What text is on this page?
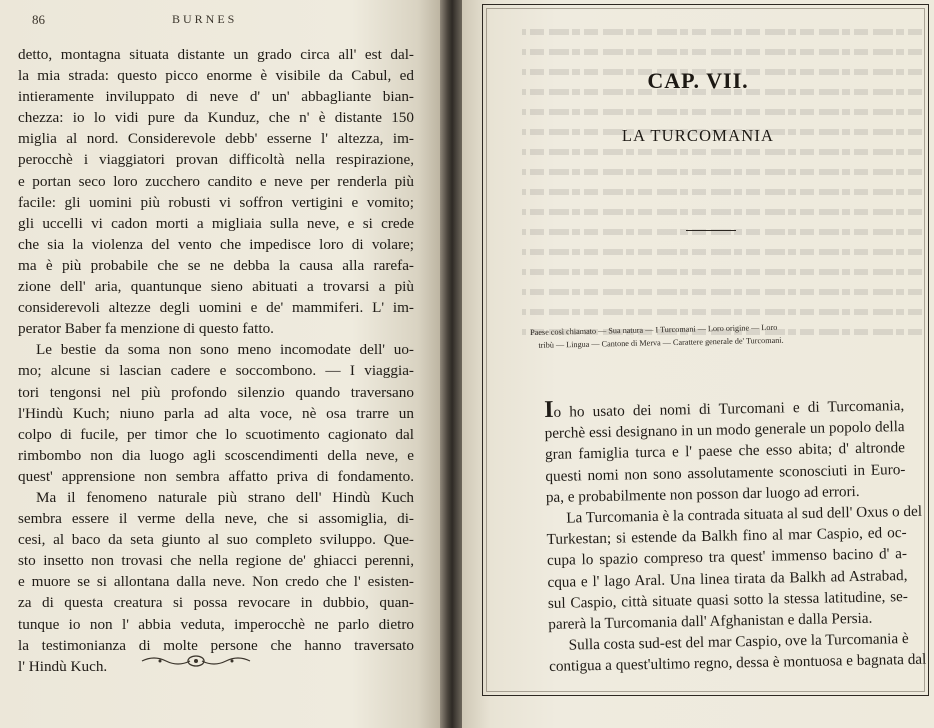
86	BURNES
detto, montagna situata distante un grado circa all' est dal-
la mia strada: questo picco enorme è visibile da Cabul, ed
intieramente inviluppato di neve d' un' abbagliante bian-
chezza: io lo vidi pure da Kunduz, che n' è distante 150
miglia al nord. Considerevole debb' esserne l' altezza, im-
perocchè i viaggiatori provan difficoltà nella respirazione,
e portan seco loro zucchero candito e neve per renderla più
facile: gli uomini più robusti vi soffron vertigini e vomito;
gli uccelli vi cadon morti a migliaia sulla neve, e si crede
che sia la violenza del vento che impedisce loro di volare;
ma è più probabile che se ne debba la causa alla rarefa-
zione dell' aria, quantunque sieno abituati a trovarsi a più
considerevoli altezze degli uomini e de' mammiferi. L' im-
perator Baber fa menzione di questo fatto.
Le bestie da soma non sono meno incomodate dell' uo-
mo; alcune si lascian cadere e soccombono. — I viaggia-
tori tengonsi nel più profondo silenzio quando traversano
l'Hindù Kuch; niuno parla ad alta voce, nè osa trarre un
colpo di fucile, per timor che lo scuotimento cagionato dal
rimbombo non dia luogo agli scoscendimenti della neve, e
quest' apprensione non sembra affatto priva di fondamento.
Ma il fenomeno naturale più strano dell' Hindù Kuch
sembra essere il verme della neve, che si assomiglia, di-
cesi, al baco da seta giunto al suo completo sviluppo. Que-
sto insetto non trovasi che nella regione de' ghiacci perenni,
e muore se si allontana dalla neve. Non credo che l' esisten-
za di questa creatura si possa revocare in dubbio, quan-
tunque io non l' abbia veduta, imperocchè ne parlo dietro
la testimonianza di molte persone che hanno traversato
l' Hindù Kuch.
CAP. VII.
LA TURCOMANIA
Paese così chiamato — Sua natura — I Turcomani — Loro origine — Loro
tribù — Lingua — Cantone di Merva — Carattere generale de' Turcomani.
Io ho usato dei nomi di Turcomani e di Turcomania,
perchè essi designano in un modo generale un popolo della
gran famiglia turca e l' paese che esso abita; d' altronde
questi nomi non sono assolutamente sconosciuti in Euro-
pa, e probabilmente non posson dar luogo ad errori.
La Turcomania è la contrada situata al sud dell' Oxus o del
Turkestan; si estende da Balkh fino al mar Caspio, ed oc-
cupa lo spazio compreso tra quest' immenso bacino d' a-
cqua e l' lago Aral. Una linea tirata da Balkh ad Astrabad,
sul Caspio, città situate quasi sotto la stessa latitudine, se-
parerà la Turcomania dall' Afghanistan e dalla Persia.
Sulla costa sud-est del mar Caspio, ove la Turcomania è
contigua a quest'ultimo regno, dessa è montuosa e bagnata dal
